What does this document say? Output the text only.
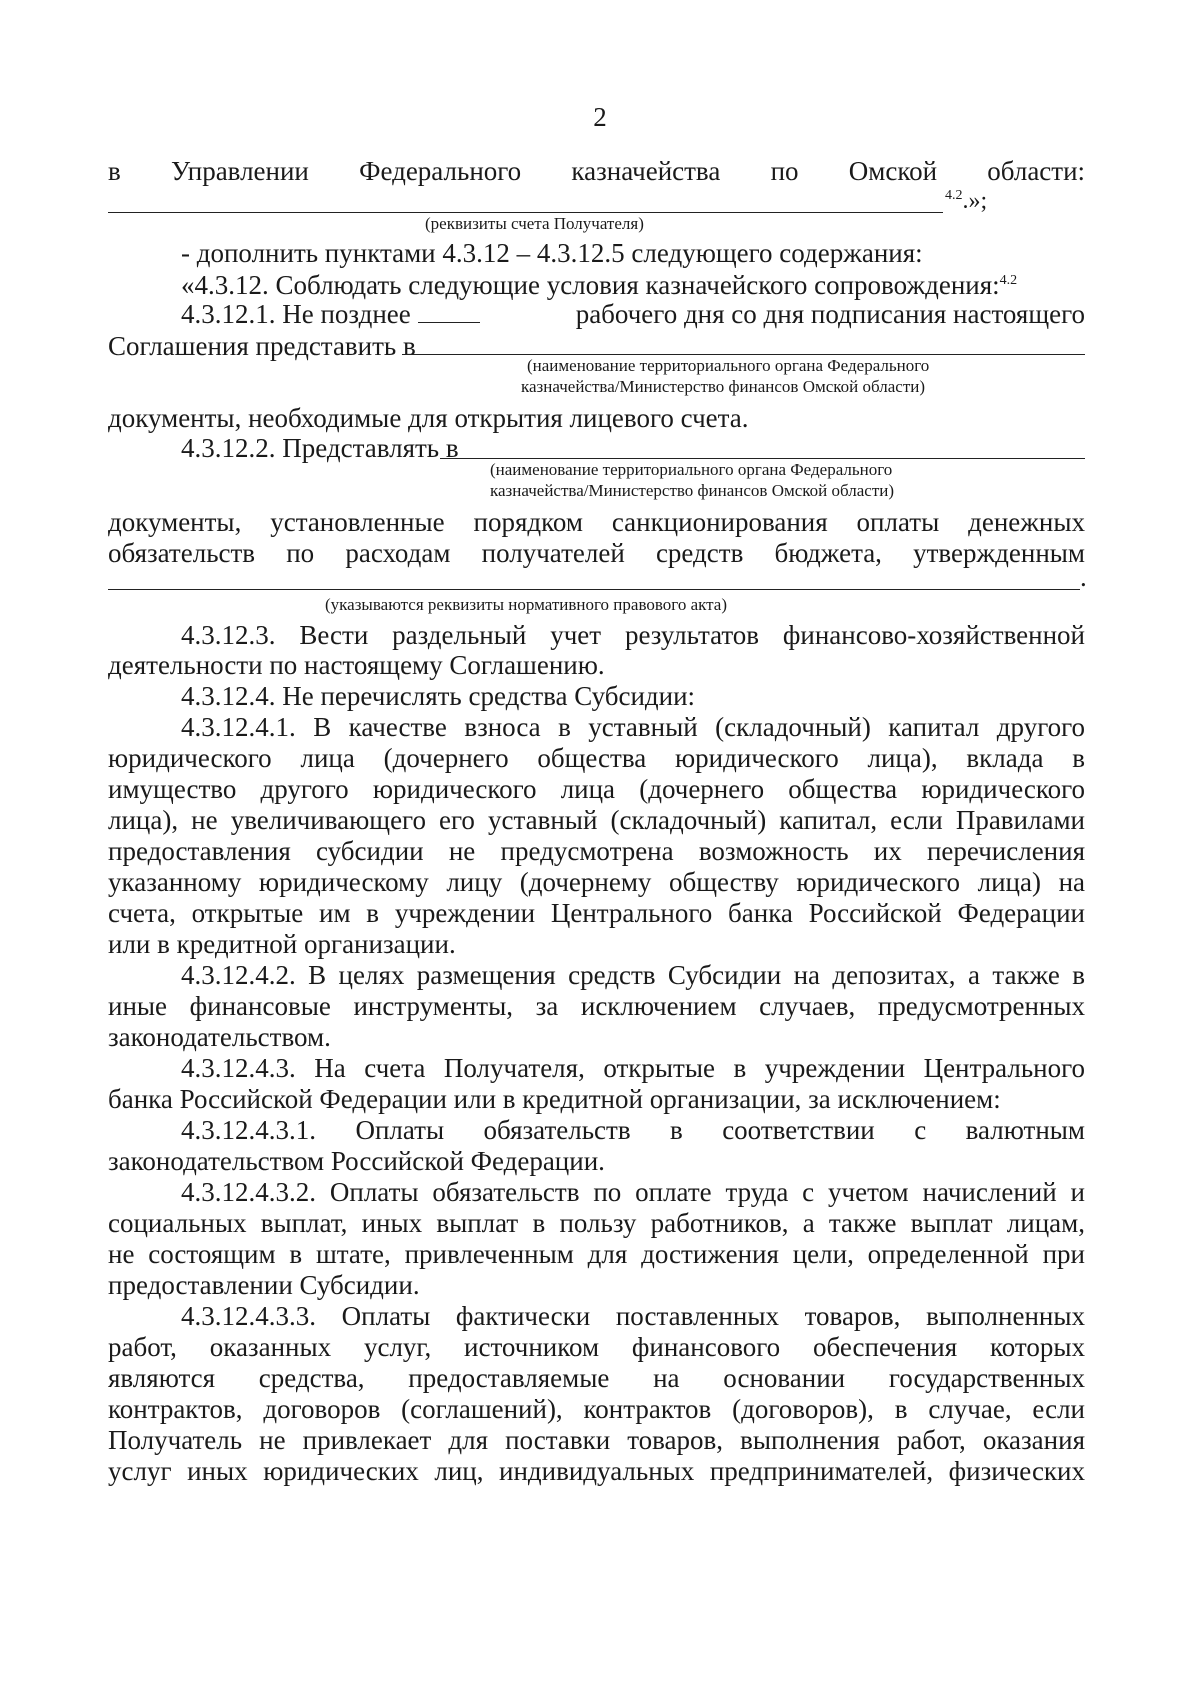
2
в Управлении Федерального казначейства по Омской области:
$^{4.2}$.»;
(реквизиты счета Получателя)
- дополнить пунктами 4.3.12 – 4.3.12.5 следующего содержания:
«4.3.12. Соблюдать следующие условия казначейского сопровождения:$^{4.2}$
4.3.12.1. Не позднее	рабочего дня со дня подписания настоящего
Соглашения представить в
(наименование территориального органа Федерального
казначейства/Министерство финансов Омской области)
документы, необходимые для открытия лицевого счета.
4.3.12.2. Представлять в
(наименование территориального органа Федерального
казначейства/Министерство финансов Омской области)
документы, установленные порядком санкционирования оплаты денежных
обязательств по расходам получателей средств бюджета, утвержденным
.
(указываются реквизиты нормативного правового акта)
4.3.12.3. Вести раздельный учет результатов финансово-хозяйственной
деятельности по настоящему Соглашению.
4.3.12.4. Не перечислять средства Субсидии:
4.3.12.4.1. В качестве взноса в уставный (складочный) капитал другого
юридического лица (дочернего общества юридического лица), вклада в
имущество другого юридического лица (дочернего общества юридического
лица), не увеличивающего его уставный (складочный) капитал, если Правилами
предоставления субсидии не предусмотрена возможность их перечисления
указанному юридическому лицу (дочернему обществу юридического лица) на
счета, открытые им в учреждении Центрального банка Российской Федерации
или в кредитной организации.
4.3.12.4.2. В целях размещения средств Субсидии на депозитах, а также в
иные финансовые инструменты, за исключением случаев, предусмотренных
законодательством.
4.3.12.4.3. На счета Получателя, открытые в учреждении Центрального
банка Российской Федерации или в кредитной организации, за исключением:
4.3.12.4.3.1. Оплаты обязательств в соответствии с валютным
законодательством Российской Федерации.
4.3.12.4.3.2. Оплаты обязательств по оплате труда с учетом начислений и
социальных выплат, иных выплат в пользу работников, а также выплат лицам,
не состоящим в штате, привлеченным для достижения цели, определенной при
предоставлении Субсидии.
4.3.12.4.3.3. Оплаты фактически поставленных товаров, выполненных
работ, оказанных услуг, источником финансового обеспечения которых
являются средства, предоставляемые на основании государственных
контрактов, договоров (соглашений), контрактов (договоров), в случае, если
Получатель не привлекает для поставки товаров, выполнения работ, оказания
услуг иных юридических лиц, индивидуальных предпринимателей, физических
